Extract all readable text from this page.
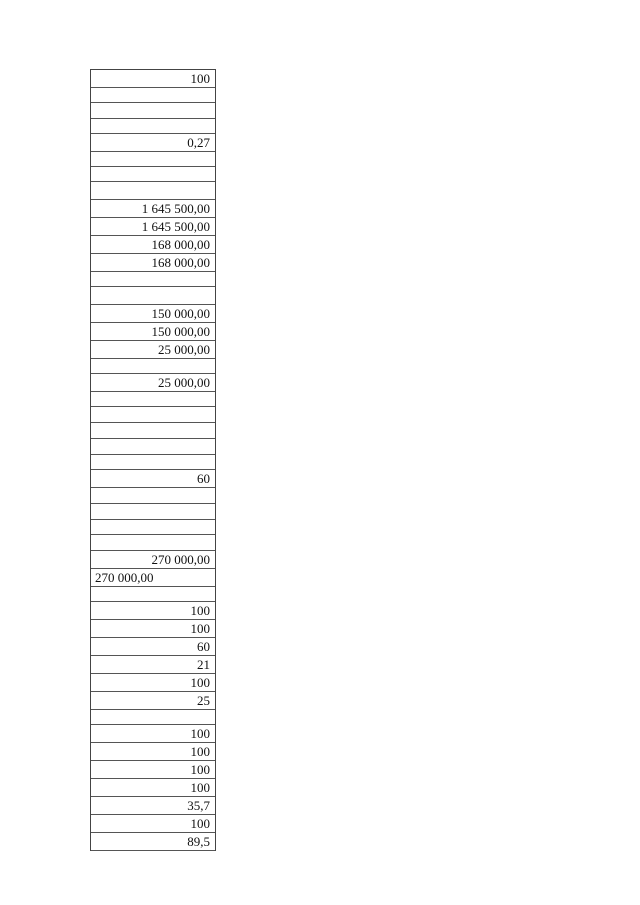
100
0,27
1 645 500,00
1 645 500,00
168 000,00
168 000,00
150 000,00
150 000,00
25 000,00
25 000,00
60
270 000,00
270 000,00
100
100
60
21
100
25
100
100
100
100
35,7
100
89,5
